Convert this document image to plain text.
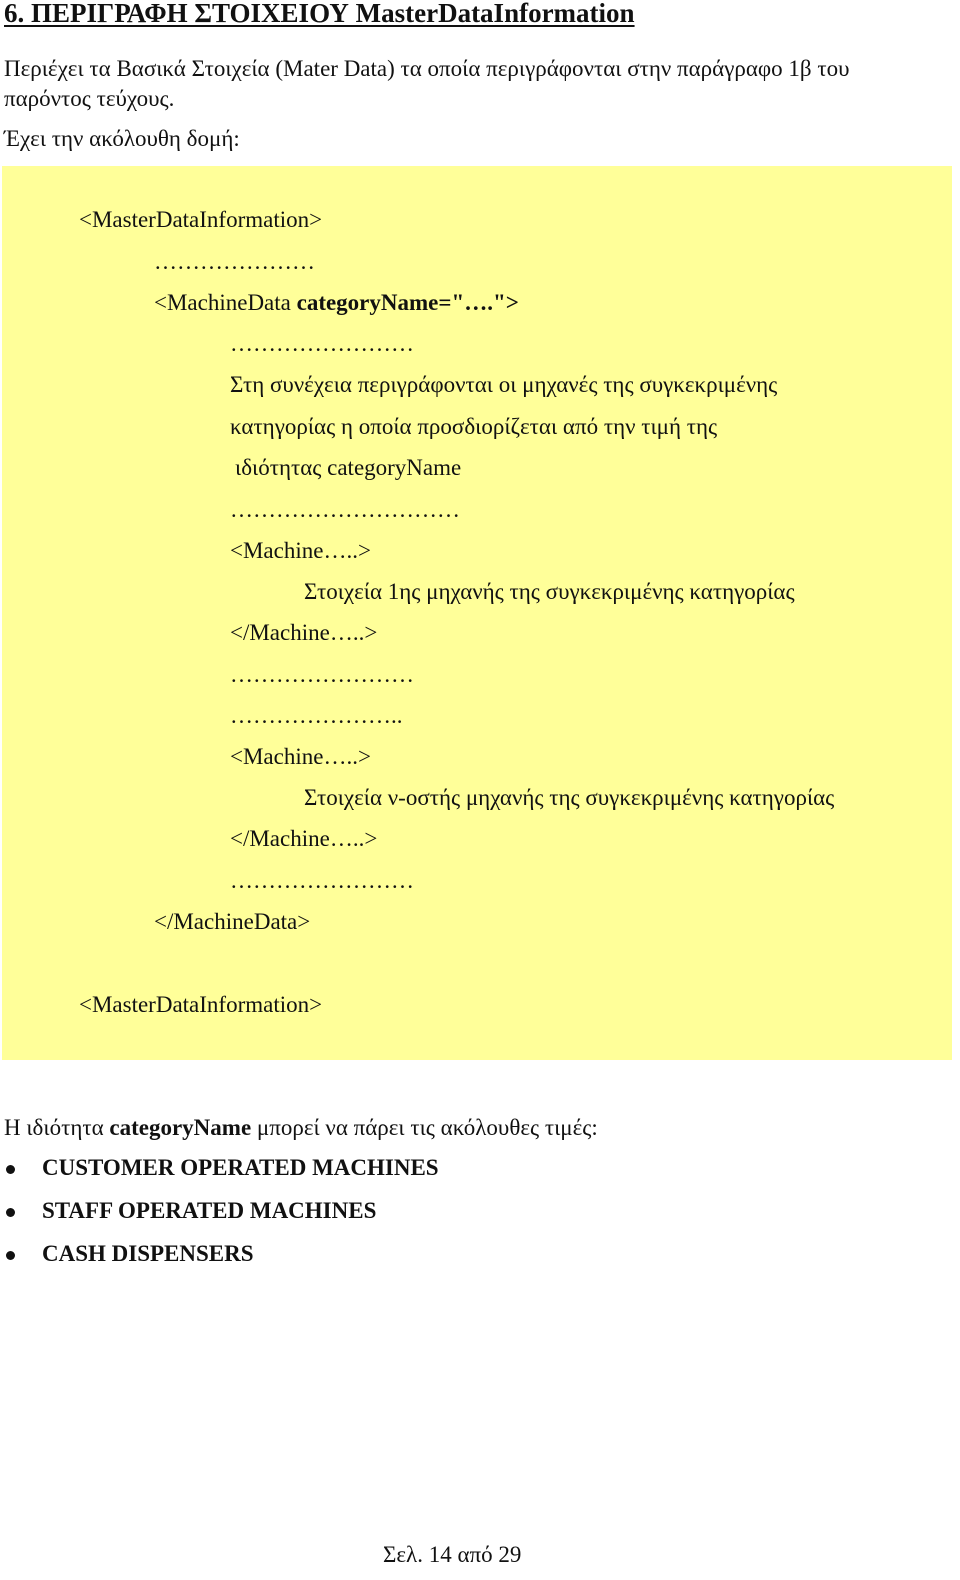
6. ΠΕΡΙΓΡΑΦΗ ΣΤΟΙΧΕΙΟΥ MasterDataInformation
Περιέχει τα Βασικά Στοιχεία (Mater Data) τα οποία περιγράφονται στην παράγραφο 1β του
παρόντος τεύχους.
Έχει την ακόλουθη δομή:
<MasterDataInformation>
…………………
<MachineData categoryName="….">
……………………
Στη συνέχεια περιγράφονται οι μηχανές της συγκεκριμένης
κατηγορίας η οποία προσδιορίζεται από την τιμή της
ιδιότητας categoryName
…………………………
<Machine…..>
Στοιχεία 1ης μηχανής της συγκεκριμένης κατηγορίας
</Machine…..>
……………………
…………………..
<Machine…..>
Στοιχεία ν-οστής μηχανής της συγκεκριμένης κατηγορίας
</Machine…..>
……………………
</MachineData>
<MasterDataInformation>
Η ιδιότητα categoryName μπορεί να πάρει τις ακόλουθες τιμές:
CUSTOMER OPERATED MACHINES
STAFF OPERATED MACHINES
CASH DISPENSERS
Σελ. 14 από 29
